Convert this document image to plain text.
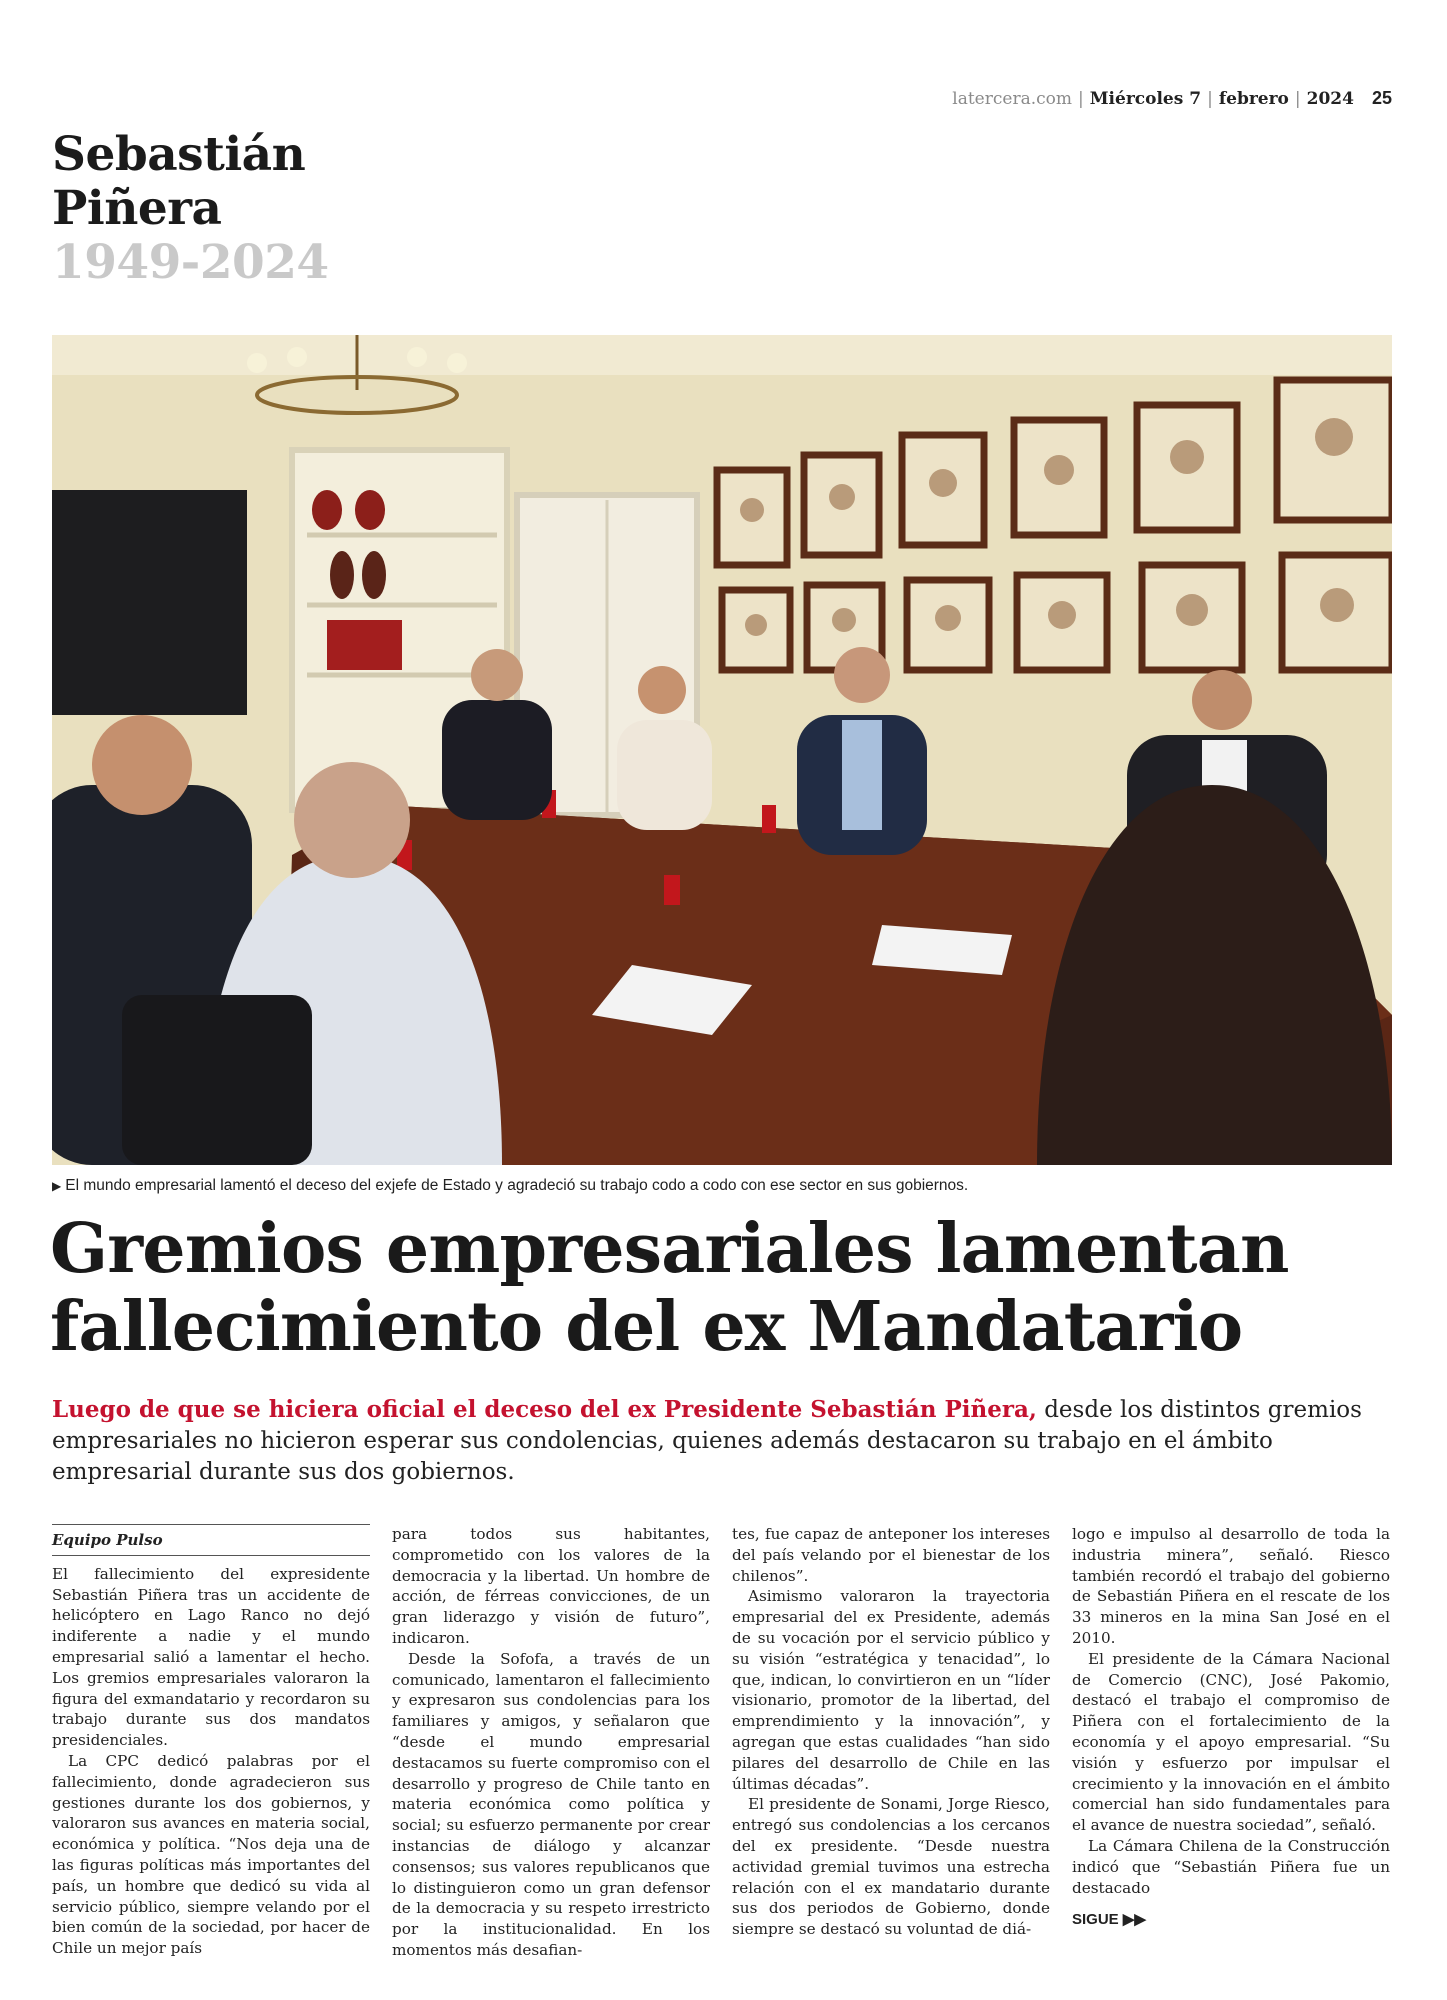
latercera.com | Miércoles 7 | febrero | 2024 25
Sebastián
Piñera
1949-2024
▶ El mundo empresarial lamentó el deceso del exjefe de Estado y agradeció su trabajo codo a codo con ese sector en sus gobiernos.
Gremios empresariales lamentan
fallecimiento del ex Mandatario
Luego de que se hiciera oficial el deceso del ex Presidente Sebastián Piñera, desde los distintos gremios empresariales no hicieron esperar sus condolencias, quienes además destacaron su trabajo en el ámbito empresarial durante sus dos gobiernos.
Equipo Pulso

El fallecimiento del expresidente Sebastián Piñera tras un accidente de helicóptero en Lago Ranco no dejó indiferente a nadie y el mundo empresarial salió a lamentar el hecho. Los gremios empresariales valoraron la figura del exmandatario y recordaron su trabajo durante sus dos mandatos presidenciales.

La CPC dedicó palabras por el fallecimiento, donde agradecieron sus gestiones durante los dos gobiernos, y valoraron sus avances en materia social, económica y política. “Nos deja una de las figuras políticas más importantes del país, un hombre que dedicó su vida al servicio público, siempre velando por el bien común de la sociedad, por hacer de Chile un mejor país

para todos sus habitantes, comprometido con los valores de la democracia y la libertad. Un hombre de acción, de férreas convicciones, de un gran liderazgo y visión de futuro”, indicaron.

Desde la Sofofa, a través de un comunicado, lamentaron el fallecimiento y expresaron sus condolencias para los familiares y amigos, y señalaron que “desde el mundo empresarial destacamos su fuerte compromiso con el desarrollo y progreso de Chile tanto en materia económica como política y social; su esfuerzo permanente por crear instancias de diálogo y alcanzar consensos; sus valores republicanos que lo distinguieron como un gran defensor de la democracia y su respeto irrestricto por la institucionalidad. En los momentos más desafian-

tes, fue capaz de anteponer los intereses del país velando por el bienestar de los chilenos”.

Asimismo valoraron la trayectoria empresarial del ex Presidente, además de su vocación por el servicio público y su visión “estratégica y tenacidad”, lo que, indican, lo convirtieron en un “líder visionario, promotor de la libertad, del emprendimiento y la innovación”, y agregan que estas cualidades “han sido pilares del desarrollo de Chile en las últimas décadas”.

El presidente de Sonami, Jorge Riesco, entregó sus condolencias a los cercanos del ex presidente. “Desde nuestra actividad gremial tuvimos una estrecha relación con el ex mandatario durante sus dos periodos de Gobierno, donde siempre se destacó su voluntad de diá-

logo e impulso al desarrollo de toda la industria minera”, señaló. Riesco también recordó el trabajo del gobierno de Sebastián Piñera en el rescate de los 33 mineros en la mina San José en el 2010.

El presidente de la Cámara Nacional de Comercio (CNC), José Pakomio, destacó el trabajo el compromiso de Piñera con el fortalecimiento de la economía y el apoyo empresarial. “Su visión y esfuerzo por impulsar el crecimiento y la innovación en el ámbito comercial han sido fundamentales para el avance de nuestra sociedad”, señaló.

La Cámara Chilena de la Construcción indicó que “Sebastián Piñera fue un destacado

SIGUE ▶▶
